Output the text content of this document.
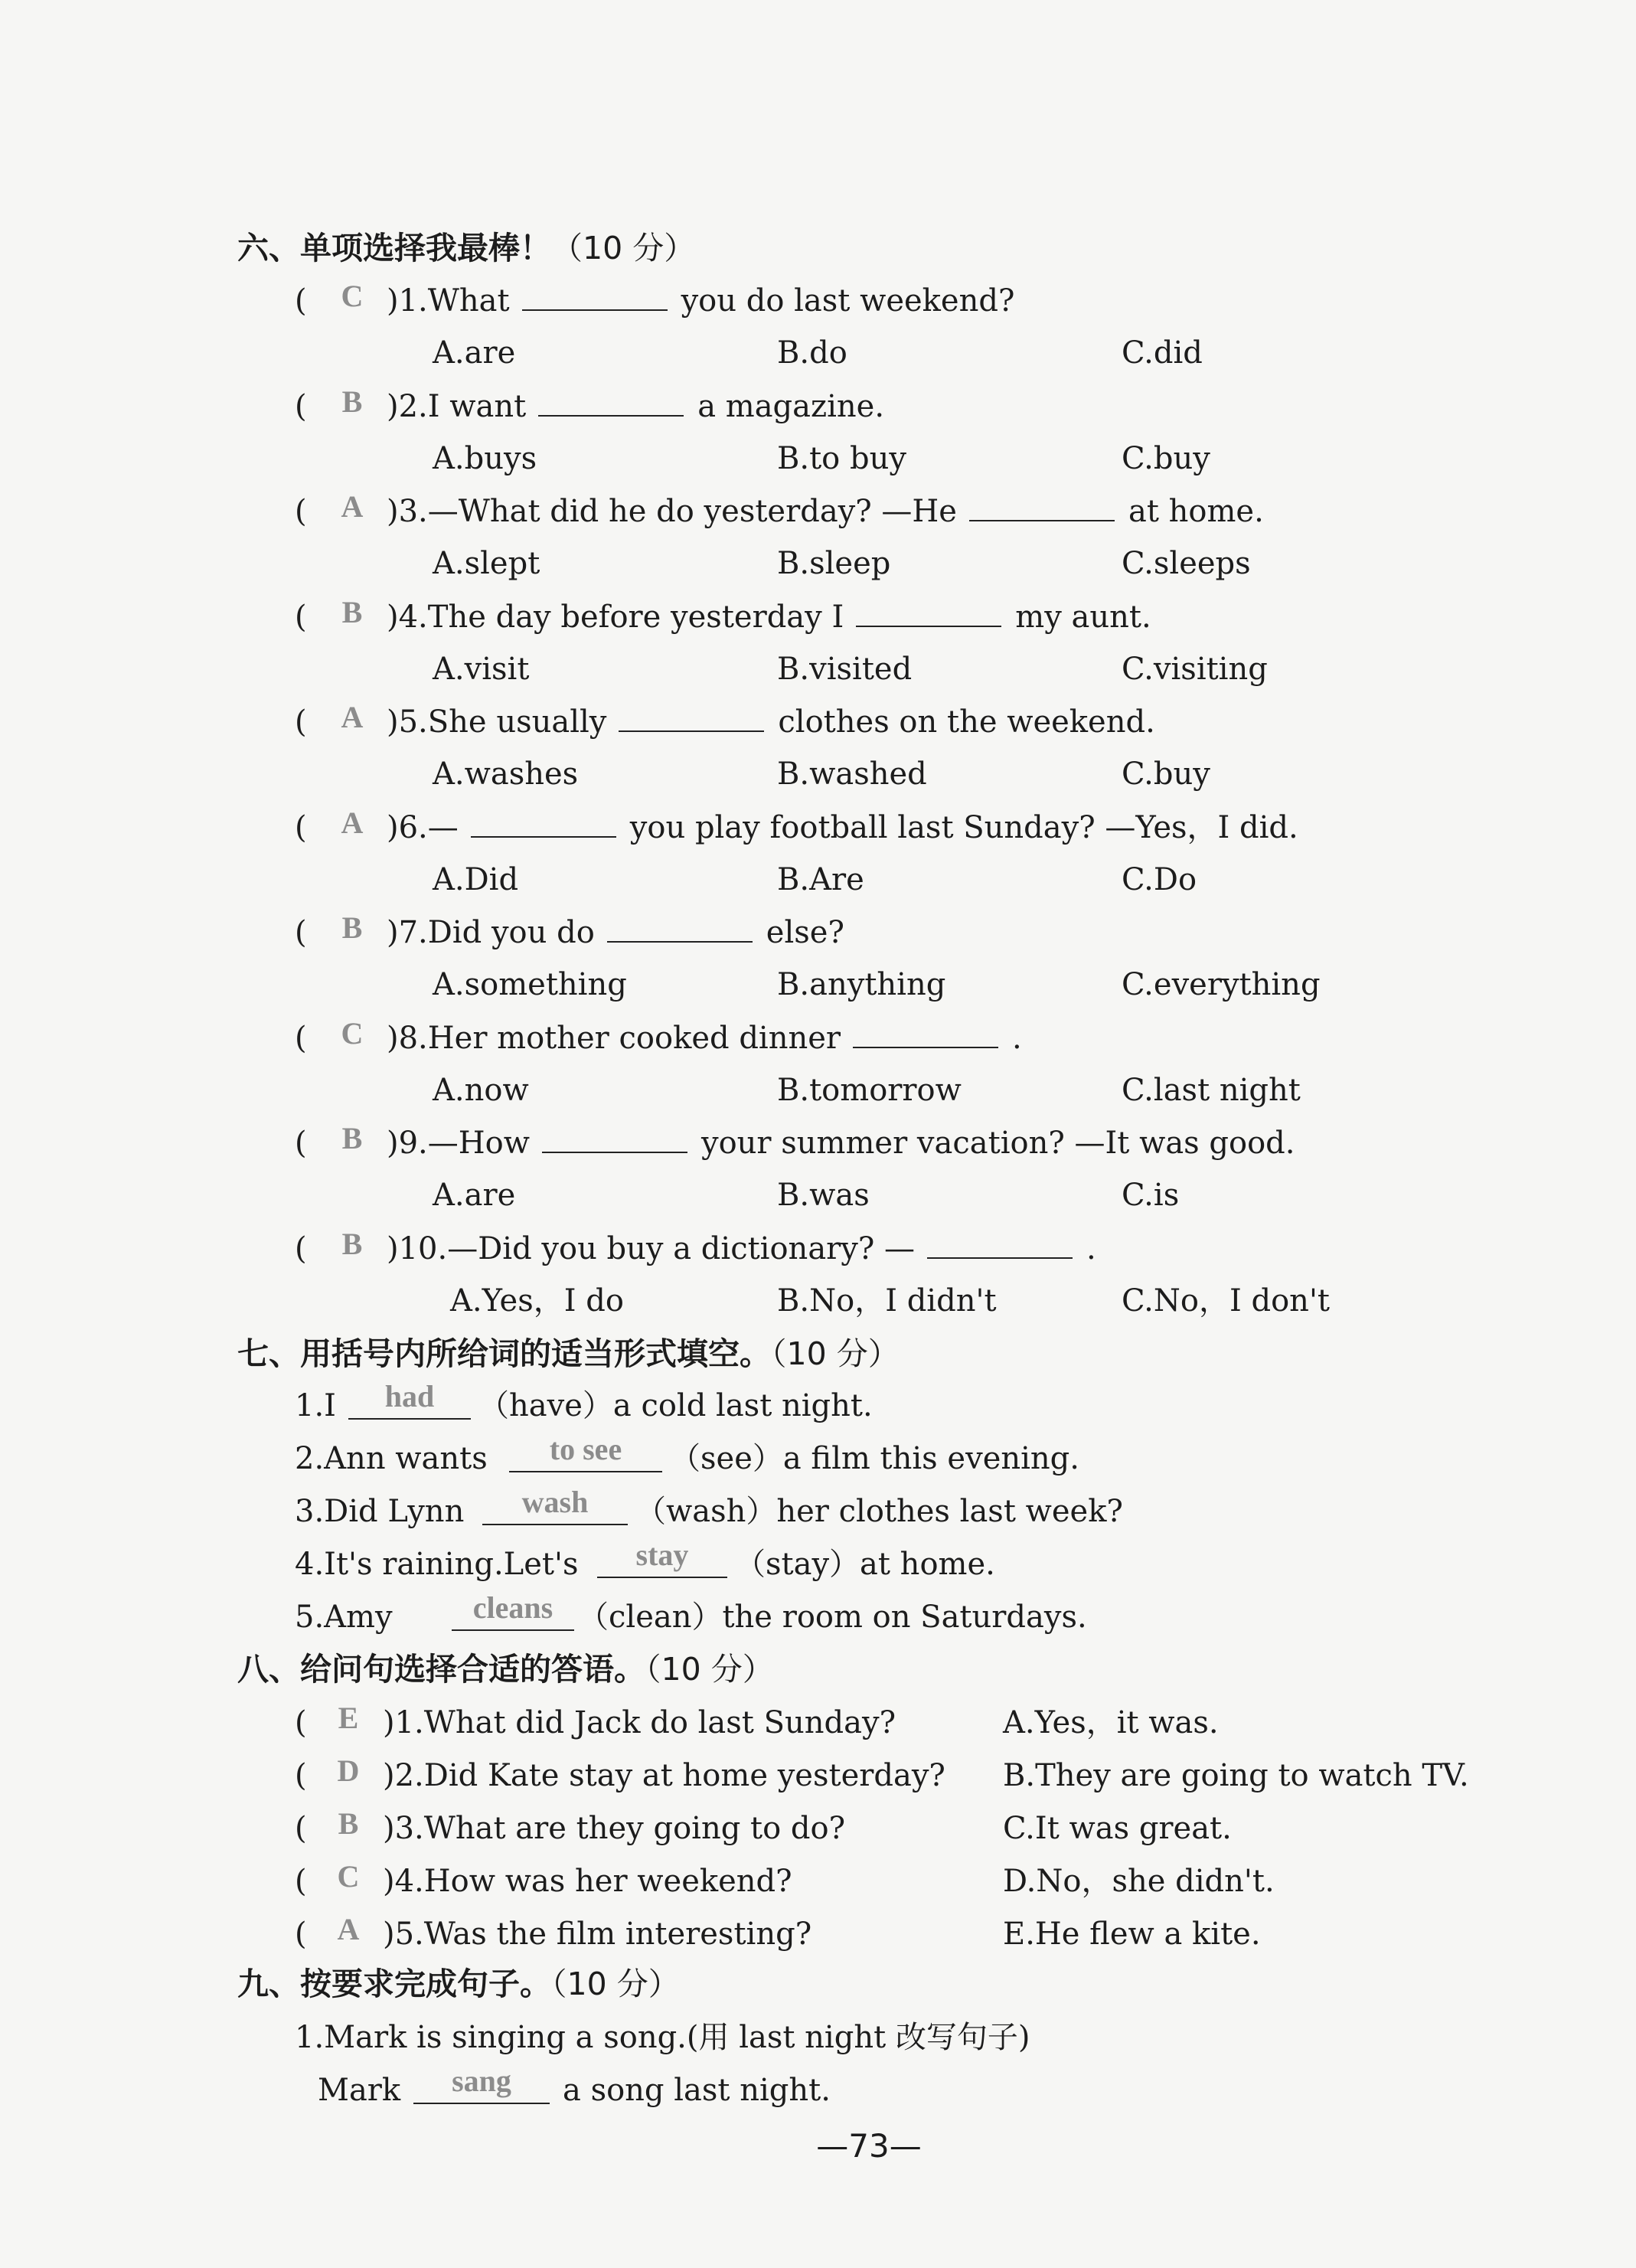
六、单项选择我最棒！（10 分）
(	C )1.What	you do last weekend?
A.are	B.do	C.did
(	B )2.I want	a magazine.
A.buys	B.to buy	C.buy
(	A )3.—What did he do yesterday? —He	at home.
A.slept	B.sleep	C.sleeps
(	B )4.The day before yesterday I	my aunt.
A.visit	B.visited	C.visiting
(	A )5.She usually	clothes on the weekend.
A.washes	B.washed	C.buy
(	A )6.—	you play football last Sunday? —Yes，I did.
A.Did	B.Are	C.Do
(	B )7.Did you do	else?
A.something	B.anything	C.everything
(	C )8.Her mother cooked dinner	.
A.now	B.tomorrow	C.last night
(	B )9.—How	your summer vacation? —It was good.
A.are	B.was	C.is
(	B )10.—Did you buy a dictionary? —	.
A.Yes，I do	B.No，I didn't	C.No，I don't
七、用括号内所给词的适当形式填空。（10 分）
1.I	had	（have）a cold last night.
2.Ann wants	to see	（see）a film this evening.
3.Did Lynn	wash	（wash）her clothes last week?
4.It's raining.Let's	stay	（stay）at home.
5.Amy	cleans （clean）the room on Saturdays.
八、给问句选择合适的答语。（10 分）
(	E )1.What did Jack do last Sunday?	A.Yes，it was.
( D )2.Did Kate stay at home yesterday? B.They are going to watch TV.
(	B )3.What are they going to do?	C.It was great.
( C )4.How was her weekend?	D.No，she didn't.
( A )5.Was the film interesting?	E.He flew a kite.
九、按要求完成句子。（10 分）
1.Mark is singing a song.(用 last night 改写句子)
Mark	sang	a song last night.
—73—
